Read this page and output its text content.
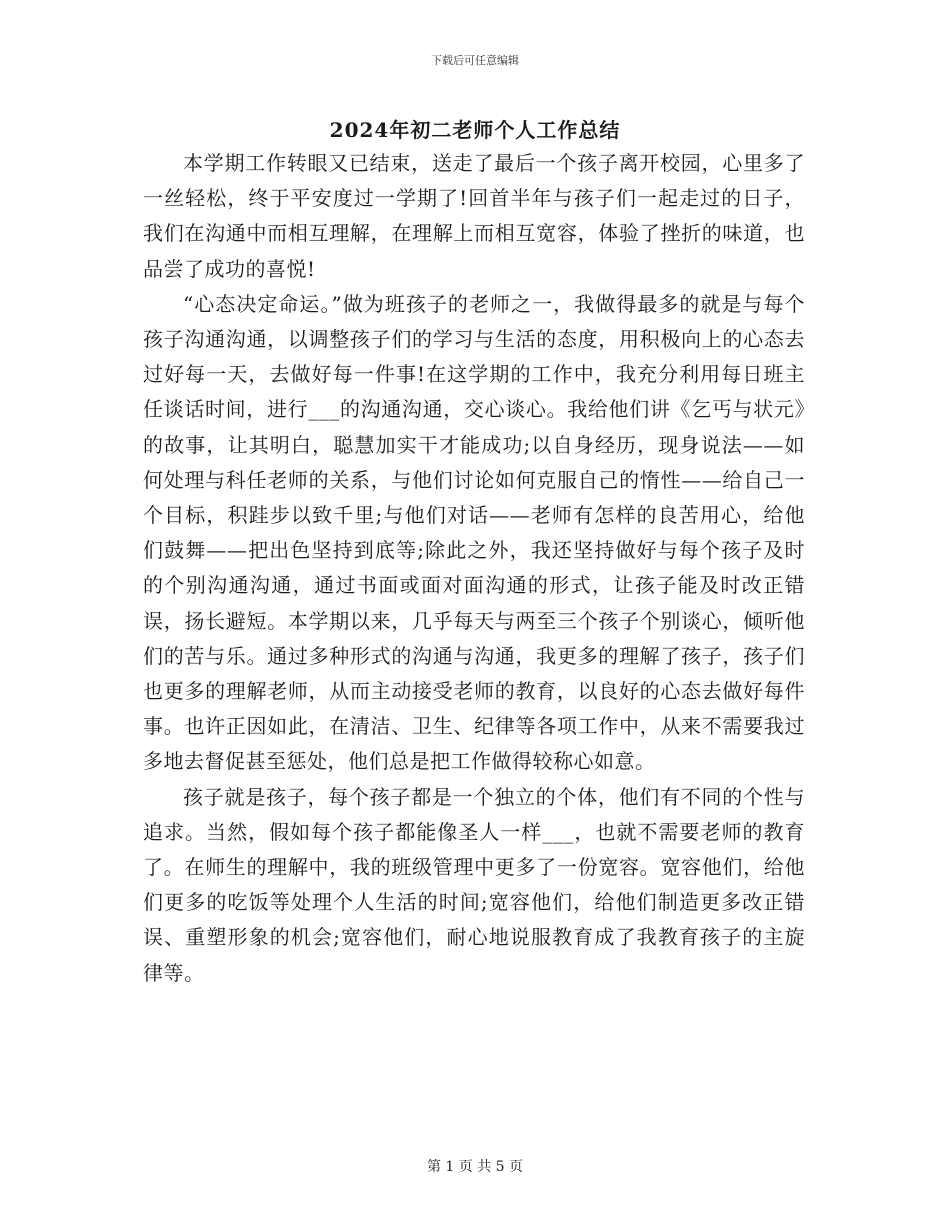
下载后可任意编辑
2024年初二老师个人工作总结

本学期工作转眼又已结束，送走了最后一个孩子离开校园，心里多了一丝轻松，终于平安度过一学期了!回首半年与孩子们一起走过的日子，我们在沟通中而相互理解，在理解上而相互宽容，体验了挫折的味道，也品尝了成功的喜悦!

“心态决定命运。”做为班孩子的老师之一，我做得最多的就是与每个孩子沟通沟通，以调整孩子们的学习与生活的态度，用积极向上的心态去过好每一天，去做好每一件事!在这学期的工作中，我充分利用每日班主任谈话时间，进行___的沟通沟通，交心谈心。我给他们讲《乞丐与状元》的故事，让其明白，聪慧加实干才能成功;以自身经历，现身说法——如何处理与科任老师的关系，与他们讨论如何克服自己的惰性——给自己一个目标，积跬步以致千里;与他们对话——老师有怎样的良苦用心，给他们鼓舞——把出色坚持到底等;除此之外，我还坚持做好与每个孩子及时的个别沟通沟通，通过书面或面对面沟通的形式，让孩子能及时改正错误，扬长避短。本学期以来，几乎每天与两至三个孩子个别谈心，倾听他们的苦与乐。通过多种形式的沟通与沟通，我更多的理解了孩子，孩子们也更多的理解老师，从而主动接受老师的教育，以良好的心态去做好每件事。也许正因如此，在清洁、卫生、纪律等各项工作中，从来不需要我过多地去督促甚至惩处，他们总是把工作做得较称心如意。

孩子就是孩子，每个孩子都是一个独立的个体，他们有不同的个性与追求。当然，假如每个孩子都能像圣人一样___，也就不需要老师的教育了。在师生的理解中，我的班级管理中更多了一份宽容。宽容他们，给他们更多的吃饭等处理个人生活的时间;宽容他们，给他们制造更多改正错误、重塑形象的机会;宽容他们，耐心地说服教育成了我教育孩子的主旋律等。

第 1 页 共 5 页
